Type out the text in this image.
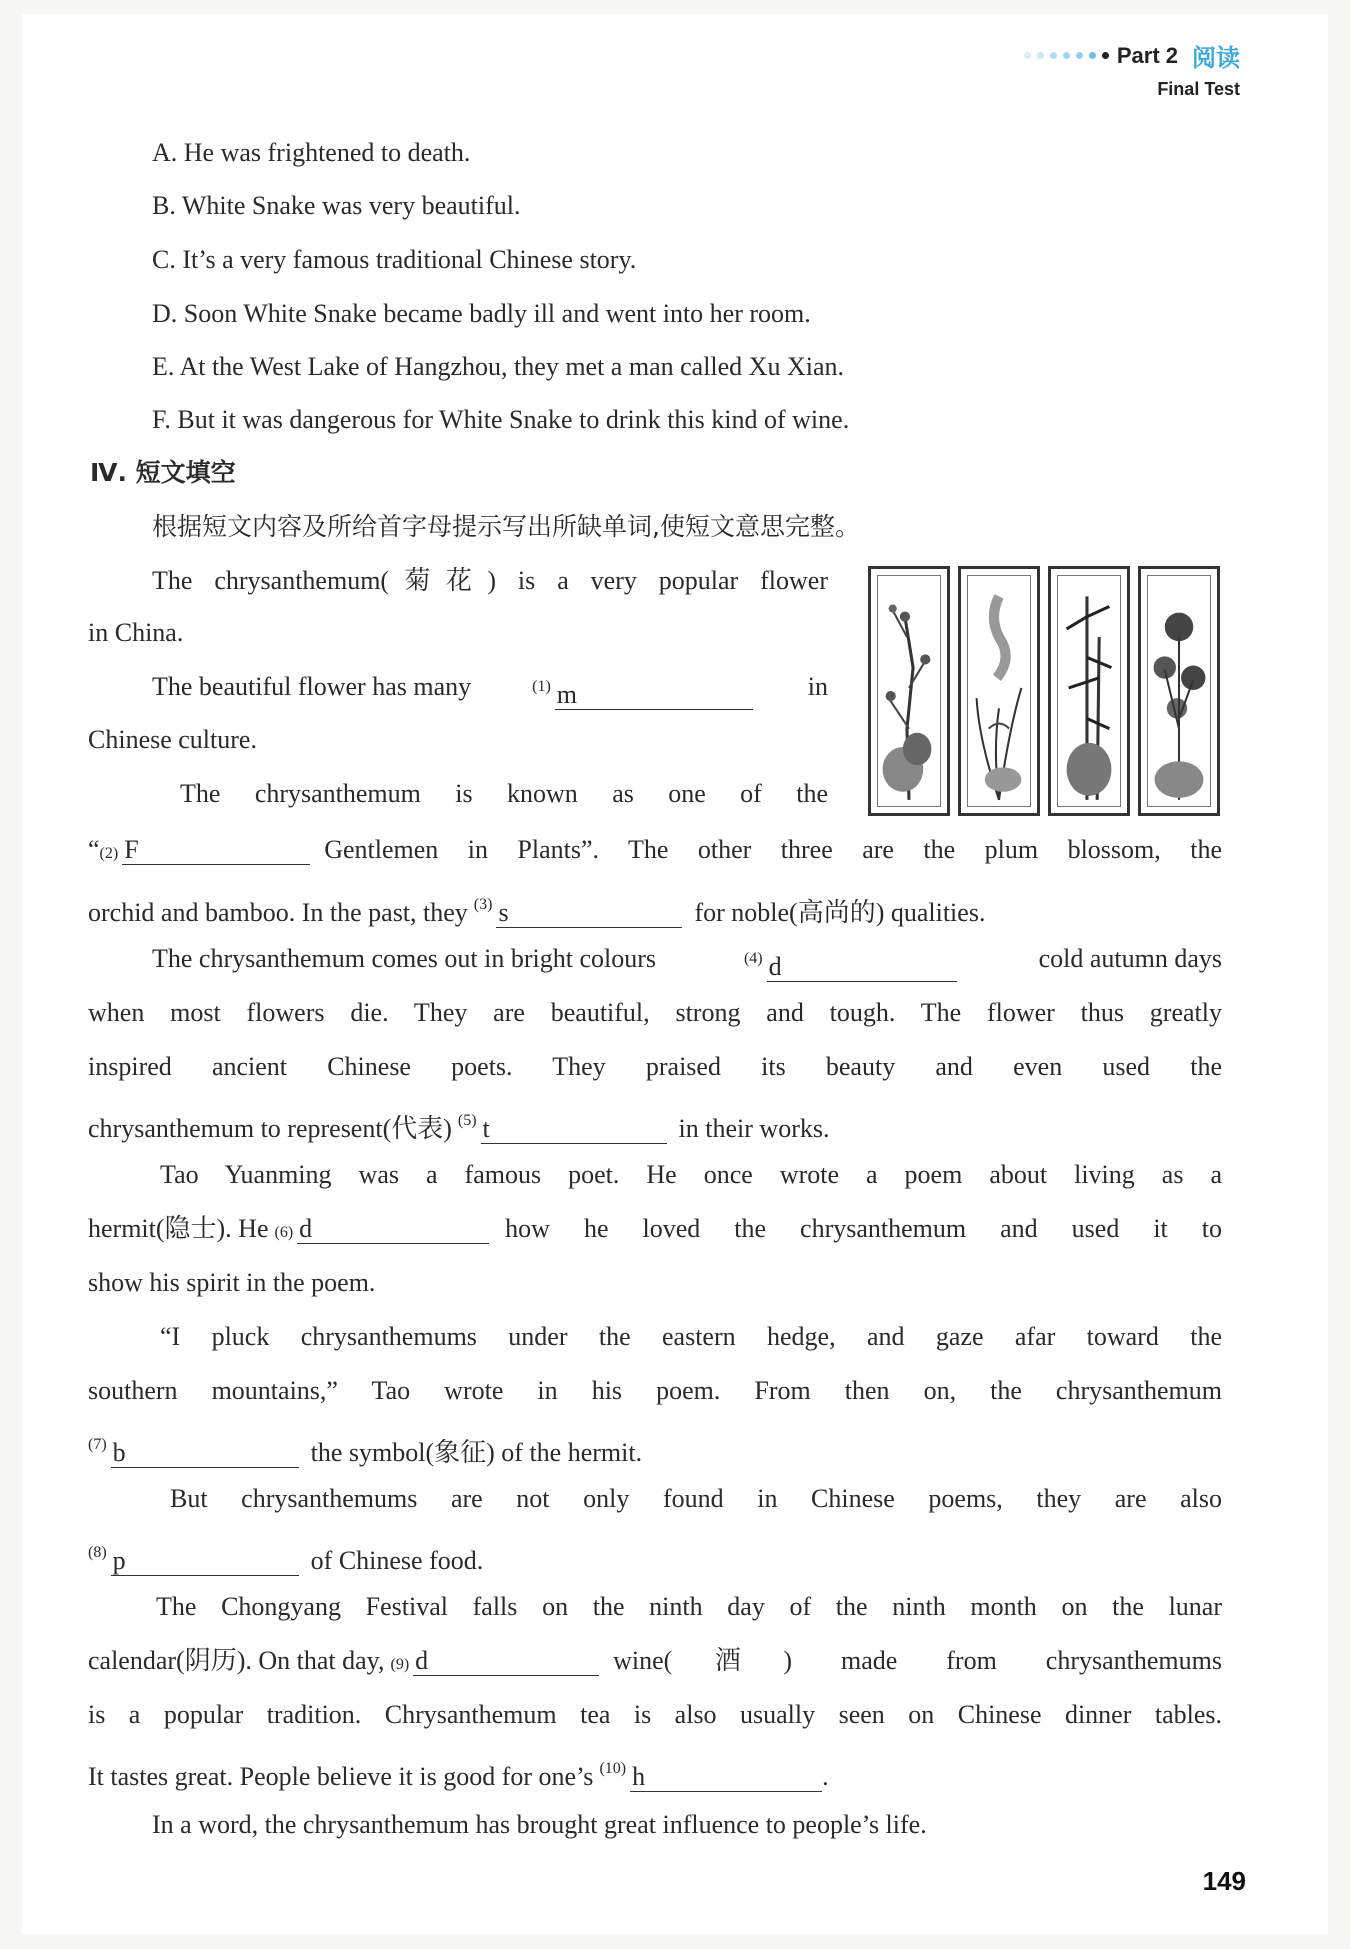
Part 2 阅读
Final Test
A. He was frightened to death.
B. White Snake was very beautiful.
C. It’s a very famous traditional Chinese story.
D. Soon White Snake became badly ill and went into her room.
E. At the West Lake of Hangzhou, they met a man called Xu Xian.
F. But it was dangerous for White Snake to drink this kind of wine.
Ⅳ. 短文填空
根据短文内容及所给首字母提示写出所缺单词,使短文意思完整。
The chrysanthemum(菊花) is a very popular flower
in China.
The beautiful flower has many	$^{(1)}$ m	in
Chinese culture.
The chrysanthemum is known as one of the
“ (2) F	Gentlemen in Plants”. The other three are the plum blossom, the
orchid and bamboo. In the past, they $^{(3)}$ s	for noble(高尚的) qualities.
The chrysanthemum comes out in bright colours	$^{(4)}$ d	cold autumn days
when most flowers die. They are beautiful, strong and tough. The flower thus greatly
inspired ancient Chinese poets. They praised its beauty and even used the
chrysanthemum to represent(代表) $^{(5)}$ t	in their works.
Tao Yuanming was a famous poet. He once wrote a poem about living as a
hermit(隐士). He (6) d	how he loved the chrysanthemum and used it to
show his spirit in the poem.
“I pluck chrysanthemums under the eastern hedge, and gaze afar toward the
southern mountains,” Tao wrote in his poem. From then on, the chrysanthemum
$^{(7)}$ b	the symbol(象征) of the hermit.
But chrysanthemums are not only found in Chinese poems, they are also
$^{(8)}$ p	of Chinese food.
The Chongyang Festival falls on the ninth day of the ninth month on the lunar
calendar(阴历). On that day, (9) d	wine(酒) made from chrysanthemums
is a popular tradition. Chrysanthemum tea is also usually seen on Chinese dinner tables.
It tastes great. People believe it is good for one’s $^{(10)}$ h	.
In a word, the chrysanthemum has brought great influence to people’s life.
149
